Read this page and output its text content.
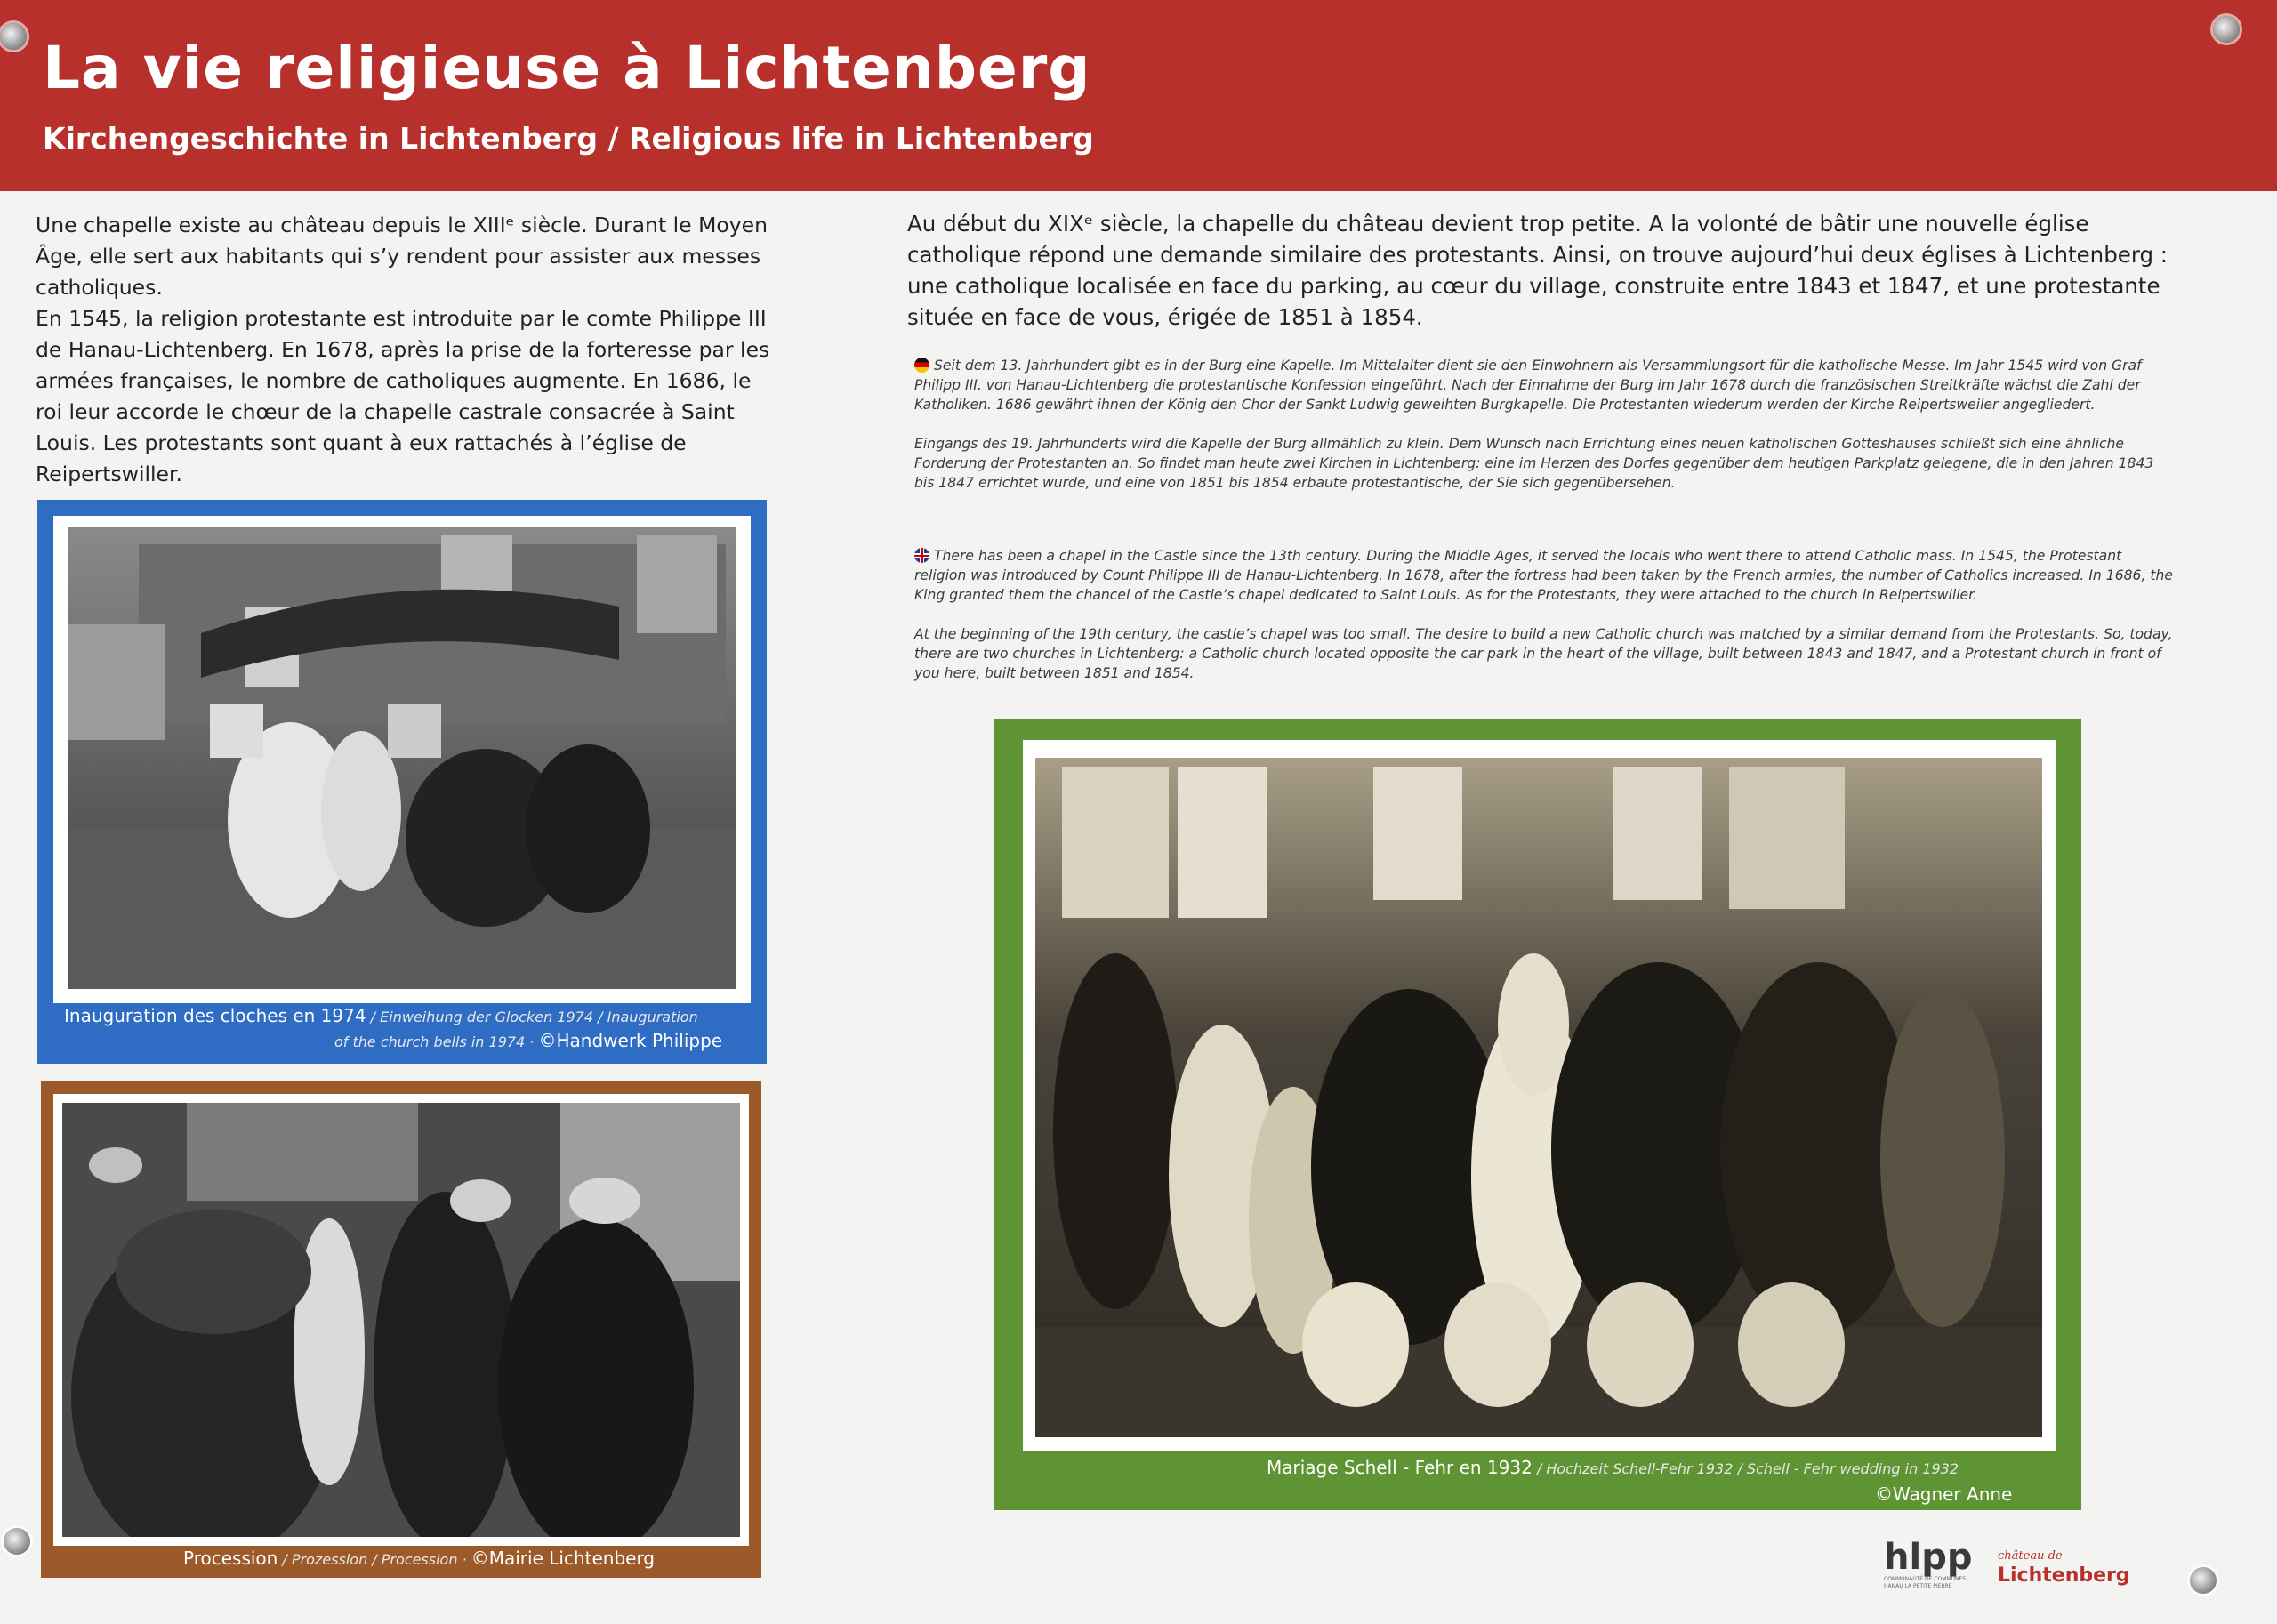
La vie religieuse à Lichtenberg
Kirchengeschichte in Lichtenberg / Religious life in Lichtenberg

Une chapelle existe au château depuis le XIIIᵉ siècle. Durant le Moyen Âge, elle sert aux habitants qui s’y rendent pour assister aux messes catholiques.

En 1545, la religion protestante est introduite par le comte Philippe III de Hanau-Lichtenberg. En 1678, après la prise de la forteresse par les armées françaises, le nombre de catholiques augmente. En 1686, le roi leur accorde le chœur de la chapelle castrale consacrée à Saint Louis. Les protestants sont quant à eux rattachés à l’église de Reipertswiller.

Au début du XIXᵉ siècle, la chapelle du château devient trop petite. A la volonté de bâtir une nouvelle église catholique répond une demande similaire des protestants. Ainsi, on trouve aujourd’hui deux églises à Lichtenberg : une catholique localisée en face du parking, au cœur du village, construite entre 1843 et 1847, et une protestante située en face de vous, érigée de 1851 à 1854.

Seit dem 13. Jahrhundert gibt es in der Burg eine Kapelle. Im Mittelalter dient sie den Einwohnern als Versammlungsort für die katholische Messe. Im Jahr 1545 wird von Graf Philipp III. von Hanau-Lichtenberg die protestantische Konfession eingeführt. Nach der Einnahme der Burg im Jahr 1678 durch die französischen Streitkräfte wächst die Zahl der Katholiken. 1686 gewährt ihnen der König den Chor der Sankt Ludwig geweihten Burgkapelle. Die Protestanten wiederum werden der Kirche Reipertsweiler angegliedert.

Eingangs des 19. Jahrhunderts wird die Kapelle der Burg allmählich zu klein. Dem Wunsch nach Errichtung eines neuen katholischen Gotteshauses schließt sich eine ähnliche Forderung der Protestanten an. So findet man heute zwei Kirchen in Lichtenberg: eine im Herzen des Dorfes gegenüber dem heutigen Parkplatz gelegene, die in den Jahren 1843 bis 1847 errichtet wurde, und eine von 1851 bis 1854 erbaute protestantische, der Sie sich gegenübersehen.

There has been a chapel in the Castle since the 13th century. During the Middle Ages, it served the locals who went there to attend Catholic mass. In 1545, the Protestant religion was introduced by Count Philippe III de Hanau-Lichtenberg. In 1678, after the fortress had been taken by the French armies, the number of Catholics increased. In 1686, the King granted them the chancel of the Castle’s chapel dedicated to Saint Louis. As for the Protestants, they were attached to the church in Reipertswiller.

At the beginning of the 19th century, the castle’s chapel was too small. The desire to build a new Catholic church was matched by a similar demand from the Protestants. So, today, there are two churches in Lichtenberg: a Catholic church located opposite the car park in the heart of the village, built between 1843 and 1847, and a Protestant church in front of you here, built between 1851 and 1854.

Inauguration des cloches en 1974 / Einweihung der Glocken 1974 / Inauguration
of the church bells in 1974 · ©Handwerk Philippe
Procession / Prozession / Procession · ©Mairie Lichtenberg
Mariage Schell - Fehr en 1932 / Hochzeit Schell-Fehr 1932 / Schell - Fehr wedding in 1932
©Wagner Anne
hlpp
COMMUNAUTÉ DE COMMUNES HANAU LA PETITE PIERRE
château de
Lichtenberg
